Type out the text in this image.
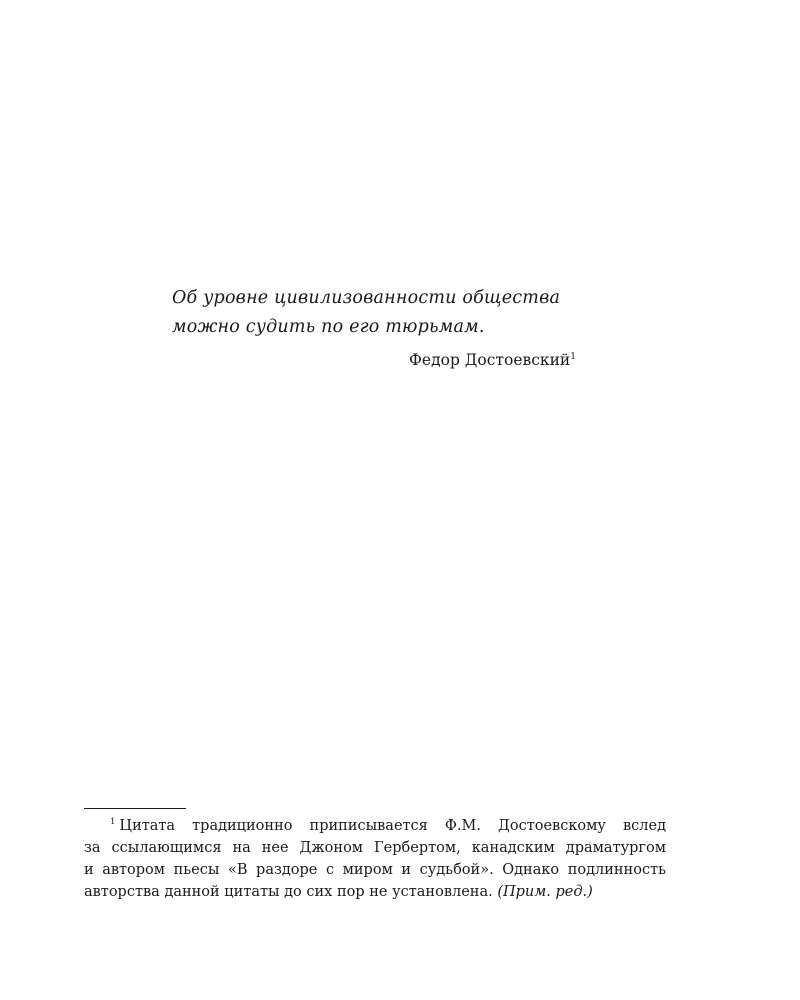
Об уровне цивилизованности общества
можно судить по его тюрьмам.

Федор Достоевский$^1$
$^1$ Цитата традиционно приписывается Ф.М. Достоевскому вслед
за ссылающимся на нее Джоном Гербертом, канадским драматургом
и автором пьесы «В раздоре с миром и судьбой». Однако подлинность
авторства данной цитаты до сих пор не установлена. (Прим. ред.)
